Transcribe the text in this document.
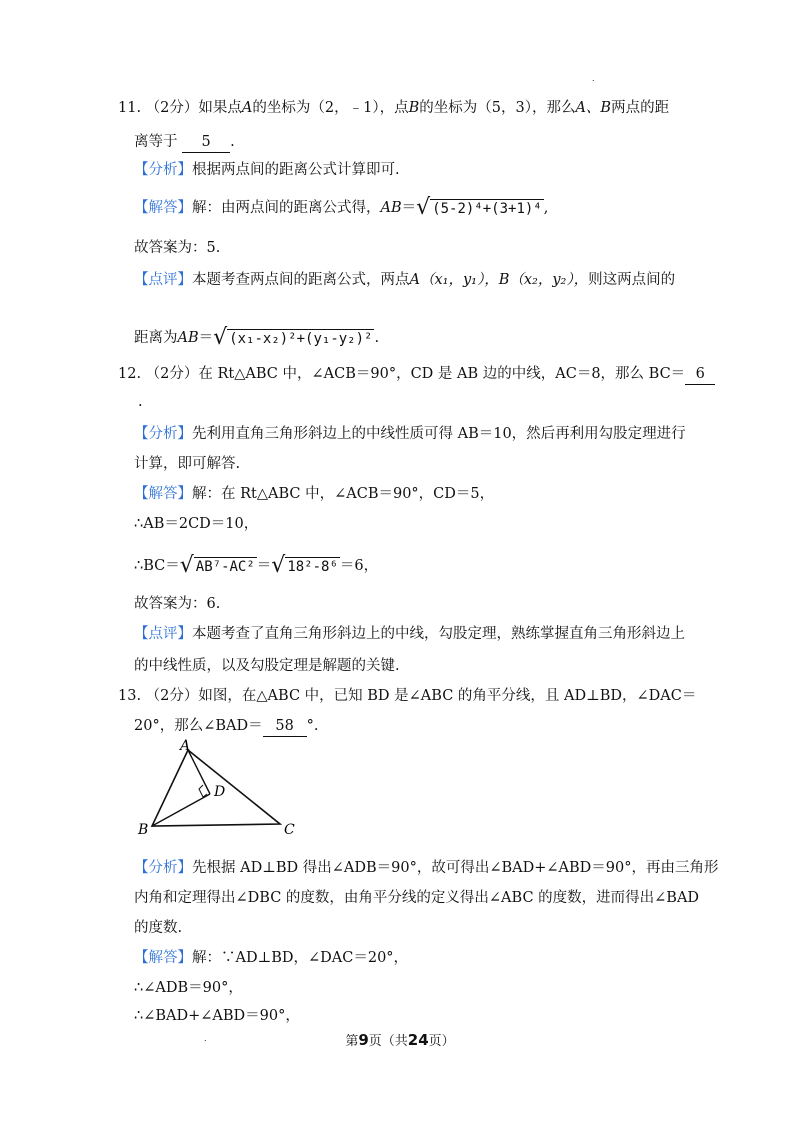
.
11. （2分）如果点A的坐标为（2，﹣1），点B的坐标为（5，3），那么A、B两点的距
离等于 5 .
【分析】根据两点间的距离公式计算即可.
【解答】解：由两点间的距离公式得，AB＝√ (5-2)⁴+(3+1)⁴ ,
故答案为：5.
【点评】本题考查两点间的距离公式，两点A（x₁，y₁），B（x₂，y₂），则这两点间的
距离为AB＝√ (x₁-x₂)²+(y₁-y₂)² .
12. （2分）在 Rt△ABC 中，∠ACB＝90°，CD 是 AB 边的中线，AC＝8，那么 BC＝ 6
.
【分析】先利用直角三角形斜边上的中线性质可得 AB＝10，然后再利用勾股定理进行
计算，即可解答.
【解答】解：在 Rt△ABC 中，∠ACB＝90°，CD＝5，
∴AB＝2CD＝10，
∴BC＝√ AB⁷-AC² ＝√ 18²-8⁶ ＝6，
故答案为：6.
【点评】本题考查了直角三角形斜边上的中线，勾股定理，熟练掌握直角三角形斜边上
的中线性质，以及勾股定理是解题的关键.
13. （2分）如图，在△ABC 中，已知 BD 是∠ABC 的角平分线，且 AD⊥BD，∠DAC＝
20°，那么∠BAD＝ 58 °.
A
D
B	C
【分析】先根据 AD⊥BD 得出∠ADB＝90°，故可得出∠BAD+∠ABD＝90°，再由三角形
内角和定理得出∠DBC 的度数，由角平分线的定义得出∠ABC 的度数，进而得出∠BAD
的度数.
【解答】解：∵AD⊥BD，∠DAC＝20°，
∴∠ADB＝90°，
∴∠BAD+∠ABD＝90°，
第9页（共24页）
.
